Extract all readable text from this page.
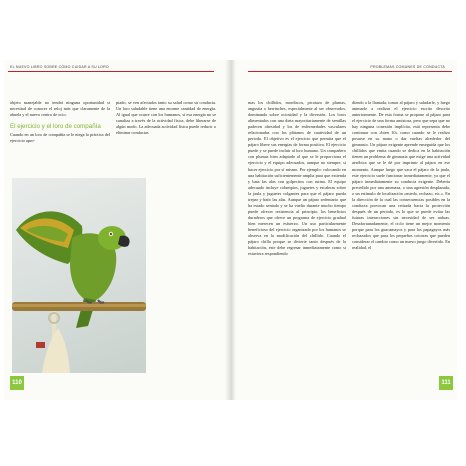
EL NUEVO LIBRO SOBRE CÓMO CUIDAR A SU LORO

objeto manejable no tendrá ninguna oportunidad si necesitad de conocer el reloj más que claramente de la abuela y el nuevo centro de ocio.

El ejercicio y el loro de compañía

Cuando en un loro de compañía se le niega la práctica del ejercicio apro-

piado, se ven afectados tanto su salud como su conducta. Un loro saludable tiene una enorme cantidad de energía. Al igual que ocurre con los humanos, si esa energía no se canaliza a través de la actividad física, debe liberarse de algún modo. La adecuada actividad física puede reducir o eliminar conductas

110
PROBLEMAS COMUNES DE CONDUCTA

mas los chillidos, mordiscos, picotazo de plumas, angustia o berrinches, especialmente al ser observados, dominando sobre ociosidad y la diversión. Los loros alimentados con una dieta mayoritariamente de semillas padecen obesidad y los de enfermedades vasculares relacionadas con los plátanos de cautividad de un periodo. El objetivo es el ejercicio que permita que el pájaro libere sus energías de forma positiva. El ejercicio puede y se puede incluir al loro humano. Un compañero con plumas bien adaptado al que se le proporciona el ejercicio y el equipo adecuados, aunque no siempre, si hacer ejercicio por sí mismo. Por ejemplo: colocando en una habitación suficientemente amplia para que extienda y bata las alas con golpecitos con rutina. El equipo adecuado incluye columpios, juguetes y escaleras sobre la jaula y juguetes colgantes para que el pájaro pueda trepar y batir las alas. Aunque un pájaro sedentario que ha estado sentado y se ha vuelto durante mucho tiempo puede ofrecer resistencia al principio, los beneficios duraderos que ofrece un programa de ejercicio gradual bien merecen un esfuerzo. Un uso particularmente beneficioso del ejercicio organizado por los humanos se observa en la modificación del chillido. Cuando el pájaro chilla porque se divierte tanto después de la habitación, este debe regresar inmediatamente como si estuviera respondiendo

diendo a la llamada, tomar al pájaro y saludarle, y luego animarle a realizar el ejercicio escrito descrito anteriormente. De esta forma se propone al pájaro para el ejercicio de una forma amistosa, pero que sepa que no hay ninguna conexión implícita, está representa debe continuar con «bien 10» como cuando se le realizo posarse en su mano o dar vueltas alrededor del gimnasio. Un pájaro exigente aprende enseguida que los chillidos que emita cuando se dedica en la habitación tienen un problema de gimnasia que exige una actividad aeróbica que se le dé por imprimir al pájaro en ese momento. Aunque luego que saca el pájaro de la jaula, este ejercicio suele funcionar inmediatamente, ya que el pájaro inmediatamente su conducta exigente. Debería precedido por una amenaza, o una agresión desplazada, o un estímulo de localización «miedo, rechazo, etc.». En la dirección de la cual las consecuencias posibles en la conducta provocan una retirada hacia la protección después de un periodo, es lo que se puede evitar las futuras interacciones sin necesidad de ser arduas. Desafortunadamente, el ciclo tiene un mejor momento porque para los guacamayos y para los papagayos más rechazados que para los pequeños cotorras que pueden considerar el cambio como un nuevo juego divertido. En realidad, el

111
